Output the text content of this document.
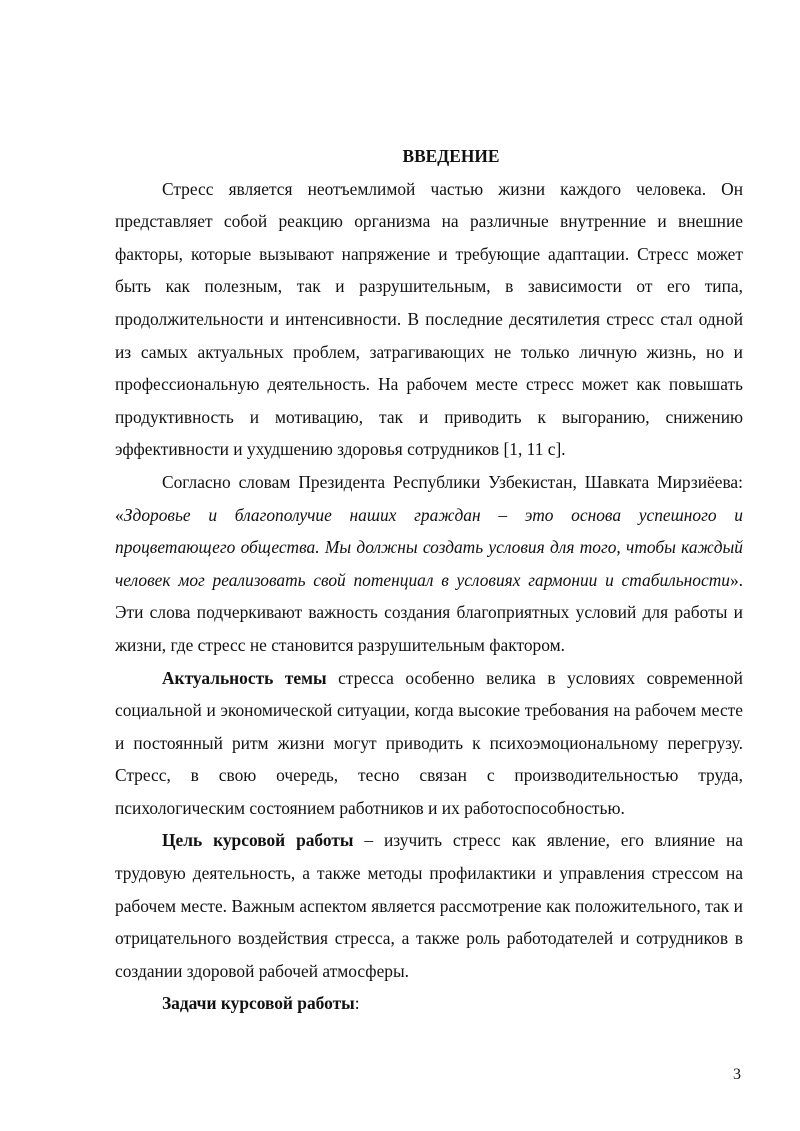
ВВЕДЕНИЕ

Стресс является неотъемлимой частью жизни каждого человека. Он представляет собой реакцию организма на различные внутренние и внешние факторы, которые вызывают напряжение и требующие адаптации. Стресс может быть как полезным, так и разрушительным, в зависимости от его типа, продолжительности и интенсивности. В последние десятилетия стресс стал одной из самых актуальных проблем, затрагивающих не только личную жизнь, но и профессиональную деятельность. На рабочем месте стресс может как повышать продуктивность и мотивацию, так и приводить к выгоранию, снижению эффективности и ухудшению здоровья сотрудников [1, 11 с].

Согласно словам Президента Республики Узбекистан, Шавката Мирзиёева: «Здоровье и благополучие наших граждан – это основа успешного и процветающего общества. Мы должны создать условия для того, чтобы каждый человек мог реализовать свой потенциал в условиях гармонии и стабильности». Эти слова подчеркивают важность создания благоприятных условий для работы и жизни, где стресс не становится разрушительным фактором.

Актуальность темы стресса особенно велика в условиях современной социальной и экономической ситуации, когда высокие требования на рабочем месте и постоянный ритм жизни могут приводить к психоэмоциональному перегрузу. Стресс, в свою очередь, тесно связан с производительностью труда, психологическим состоянием работников и их работоспособностью.

Цель курсовой работы – изучить стресс как явление, его влияние на трудовую деятельность, а также методы профилактики и управления стрессом на рабочем месте. Важным аспектом является рассмотрение как положительного, так и отрицательного воздействия стресса, а также роль работодателей и сотрудников в создании здоровой рабочей атмосферы.

Задачи курсовой работы:

3
